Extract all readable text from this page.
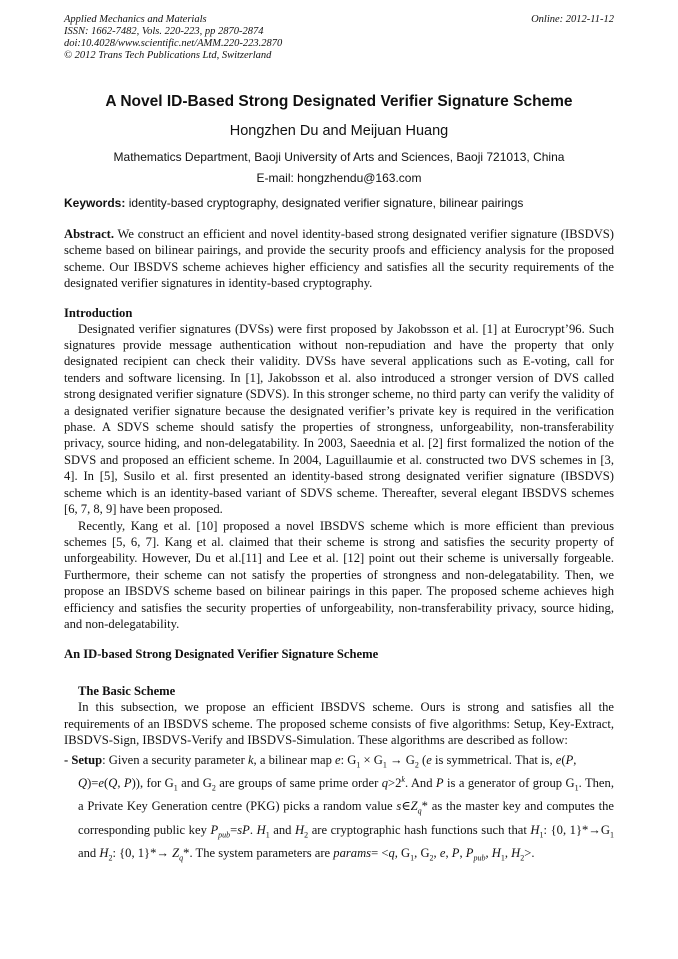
Applied Mechanics and Materials
ISSN: 1662-7482, Vols. 220-223, pp 2870-2874
doi:10.4028/www.scientific.net/AMM.220-223.2870
© 2012 Trans Tech Publications Ltd, Switzerland
Online: 2012-11-12
A Novel ID-Based Strong Designated Verifier Signature Scheme
Hongzhen Du and Meijuan Huang
Mathematics Department, Baoji University of Arts and Sciences, Baoji 721013, China
E-mail: hongzhendu@163.com
Keywords: identity-based cryptography, designated verifier signature, bilinear pairings
Abstract. We construct an efficient and novel identity-based strong designated verifier signature (IBSDVS) scheme based on bilinear pairings, and provide the security proofs and efficiency analysis for the proposed scheme. Our IBSDVS scheme achieves higher efficiency and satisfies all the security requirements of the designated verifier signatures in identity-based cryptography.
Introduction

Designated verifier signatures (DVSs) were first proposed by Jakobsson et al. [1] at Eurocrypt’96. Such signatures provide message authentication without non-repudiation and have the property that only designated recipient can check their validity. DVSs have several applications such as E-voting, call for tenders and software licensing. In [1], Jakobsson et al. also introduced a stronger version of DVS called strong designated verifier signature (SDVS). In this stronger scheme, no third party can verify the validity of a designated verifier signature because the designated verifier’s private key is required in the verification phase. A SDVS scheme should satisfy the properties of strongness, unforgeability, non-transferability privacy, source hiding, and non-delegatability. In 2003, Saeednia et al. [2] first formalized the notion of the SDVS and proposed an efficient scheme. In 2004, Laguillaumie et al. constructed two DVS schemes in [3, 4]. In [5], Susilo et al. first presented an identity-based strong designated verifier signature (IBSDVS) scheme which is an identity-based variant of SDVS scheme. Thereafter, several elegant IBSDVS schemes [6, 7, 8, 9] have been proposed.

Recently, Kang et al. [10] proposed a novel IBSDVS scheme which is more efficient than previous schemes [5, 6, 7]. Kang et al. claimed that their scheme is strong and satisfies the security property of unforgeability. However, Du et al.[11] and Lee et al. [12] point out their scheme is universally forgeable. Furthermore, their scheme can not satisfy the properties of strongness and non-delegatability. Then, we propose an IBSDVS scheme based on bilinear pairings in this paper. The proposed scheme achieves high efficiency and satisfies the security properties of unforgeability, non-transferability privacy, source hiding, and non-delegatability.

An ID-based Strong Designated Verifier Signature Scheme
The Basic Scheme

In this subsection, we propose an efficient IBSDVS scheme. Ours is strong and satisfies all the requirements of an IBSDVS scheme. The proposed scheme consists of five algorithms: Setup, Key-Extract, IBSDVS-Sign, IBSDVS-Verify and IBSDVS-Simulation. These algorithms are described as follow:

- Setup: Given a security parameter k, a bilinear map e: $G_1 \times G_1 \to G_2$ (e is symmetrical. That is, e(P,
Q)=e(Q, P)), for $G_1$ and $G_2$ are groups of same prime order $q>2^k$. And P is a generator of group $G_1$. Then, a Private Key Generation centre (PKG) picks a random value $s\in Z_q*$ as the master key and computes the corresponding public key $P_{pub}=sP$. $H_1$ and $H_2$ are cryptographic hash functions such that $H_1$: {0, $1\}*\to G_1$ and $H_2$: {0, $1\}*\to Z_q*$. The system parameters are params= <q, $G_1$, $G_2$, e, P, $P_{pub}$, $H_1$, $H_2>$.
